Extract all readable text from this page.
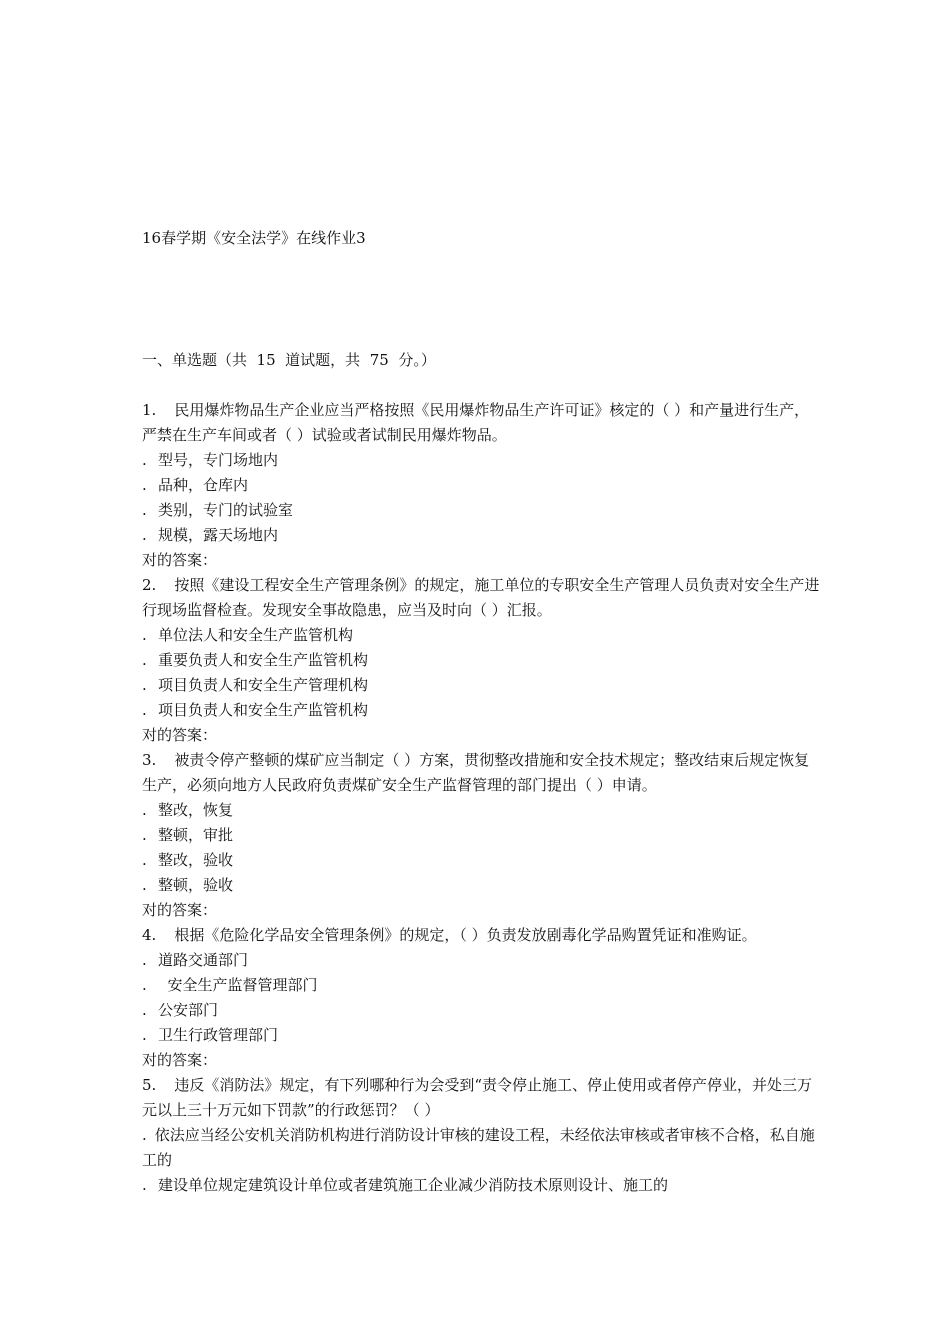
16春学期《安全法学》在线作业3
一、单选题（共  15  道试题，共  75  分。）
1. 民用爆炸物品生产企业应当严格按照《民用爆炸物品生产许可证》核定的（ ）和产量进行生产，严禁在生产车间或者（ ）试验或者试制民用爆炸物品。
. 型号，专门场地内
. 品种，仓库内
. 类别，专门的试验室
. 规模，露天场地内
对的答案：
2. 按照《建设工程安全生产管理条例》的规定，施工单位的专职安全生产管理人员负责对安全生产进行现场监督检查。发现安全事故隐患，应当及时向（ ）汇报。
. 单位法人和安全生产监管机构
. 重要负责人和安全生产监管机构
. 项目负责人和安全生产管理机构
. 项目负责人和安全生产监管机构
对的答案：
3. 被责令停产整顿的煤矿应当制定（ ）方案，贯彻整改措施和安全技术规定；整改结束后规定恢复生产，必须向地方人民政府负责煤矿安全生产监督管理的部门提出（ ）申请。
. 整改，恢复
. 整顿，审批
. 整改，验收
. 整顿，验收
对的答案：
4. 根据《危险化学品安全管理条例》的规定，（ ）负责发放剧毒化学品购置凭证和准购证。
. 道路交通部门
. 安全生产监督管理部门
. 公安部门
. 卫生行政管理部门
对的答案：
5. 违反《消防法》规定，有下列哪种行为会受到“责令停止施工、停止使用或者停产停业，并处三万元以上三十万元如下罚款”的行政惩罚？（ ）
. 依法应当经公安机关消防机构进行消防设计审核的建设工程，未经依法审核或者审核不合格，私自施工的
. 建设单位规定建筑设计单位或者建筑施工企业减少消防技术原则设计、施工的
